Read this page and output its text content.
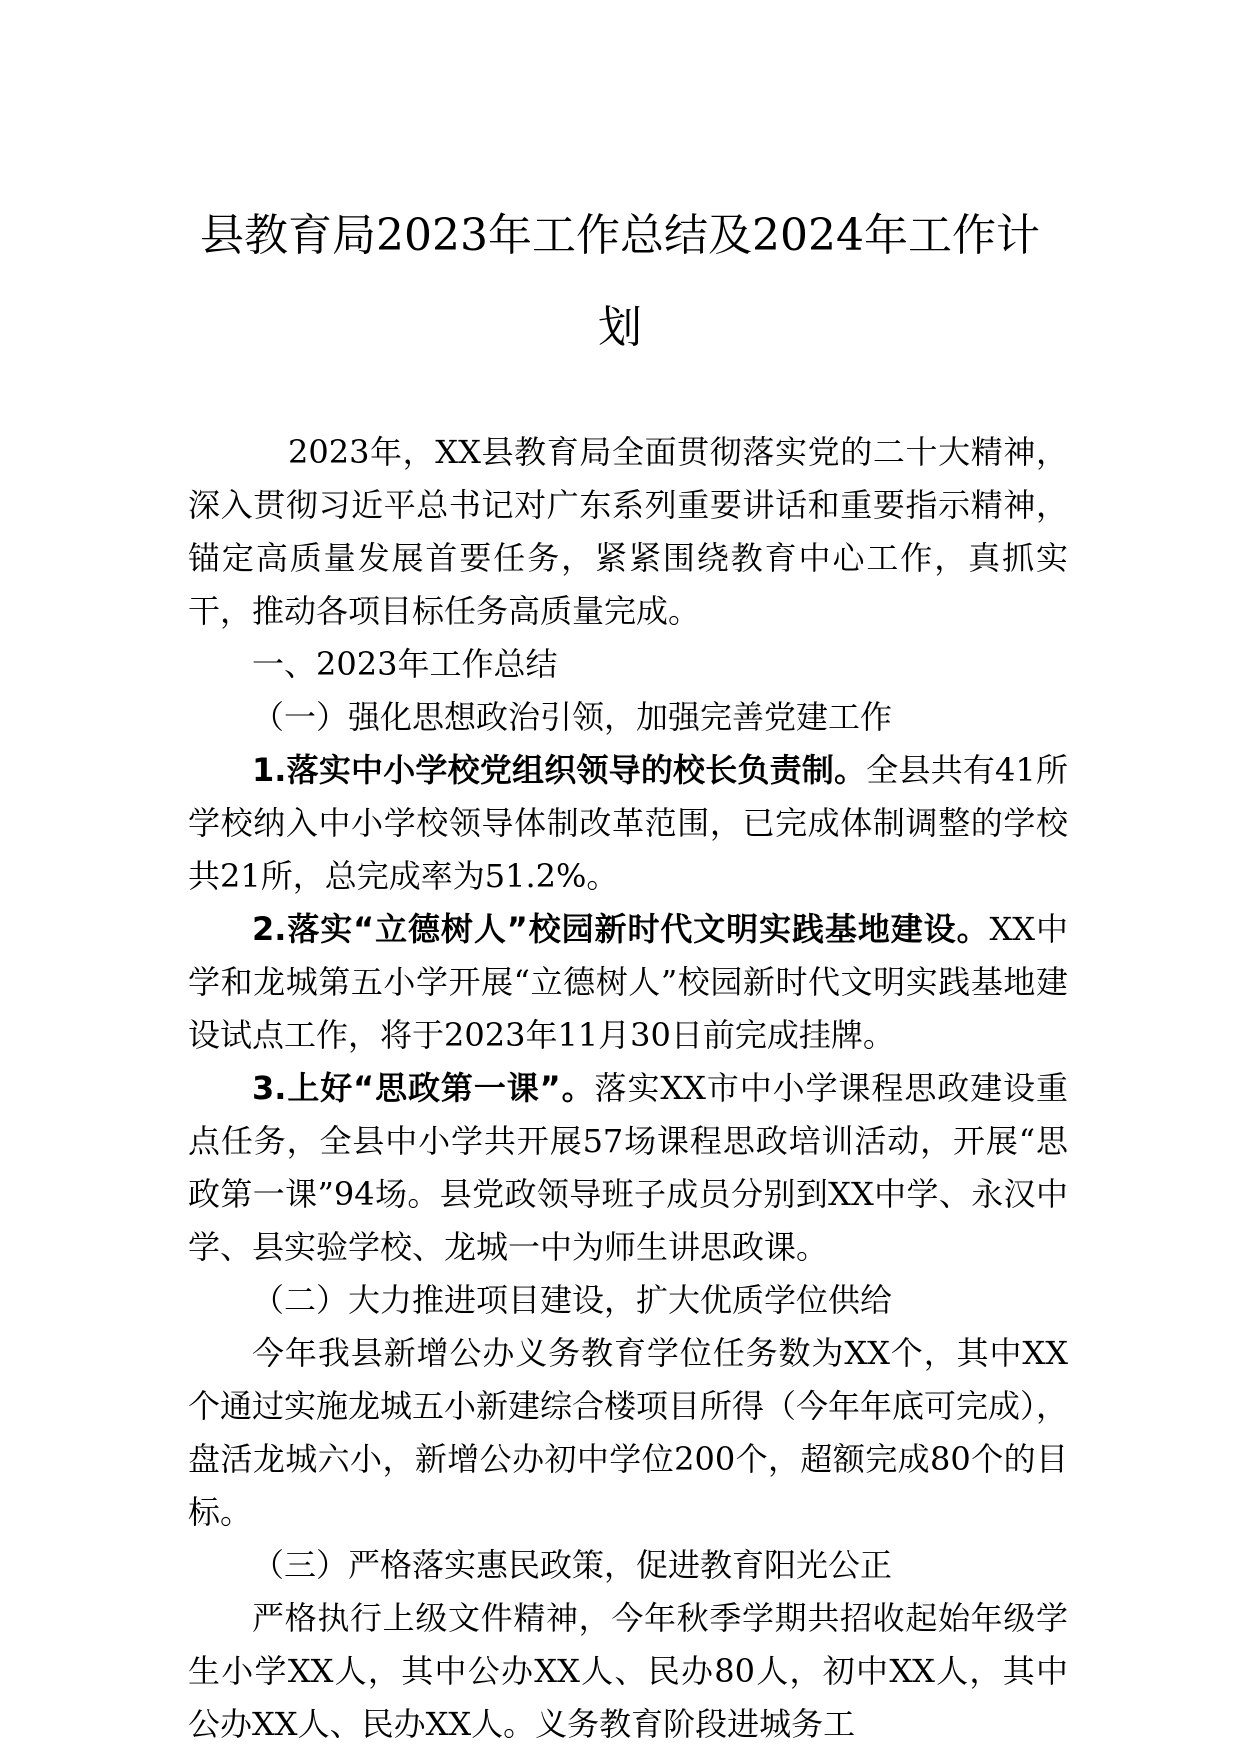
县教育局2023年工作总结及2024年工作计
划

2023年，XX县教育局全面贯彻落实党的二十大精神，深入贯彻习近平总书记对广东系列重要讲话和重要指示精神，锚定高质量发展首要任务，紧紧围绕教育中心工作，真抓实干，推动各项目标任务高质量完成。

一、2023年工作总结

（一）强化思想政治引领，加强完善党建工作

1.落实中小学校党组织领导的校长负责制。全县共有41所学校纳入中小学校领导体制改革范围，已完成体制调整的学校共21所，总完成率为51.2%。

2.落实“立德树人”校园新时代文明实践基地建设。XX中学和龙城第五小学开展“立德树人”校园新时代文明实践基地建设试点工作，将于2023年11月30日前完成挂牌。

3.上好“思政第一课”。落实XX市中小学课程思政建设重点任务，全县中小学共开展57场课程思政培训活动，开展“思政第一课”94场。县党政领导班子成员分别到XX中学、永汉中学、县实验学校、龙城一中为师生讲思政课。

（二）大力推进项目建设，扩大优质学位供给

今年我县新增公办义务教育学位任务数为XX个，其中XX个通过实施龙城五小新建综合楼项目所得（今年年底可完成），盘活龙城六小，新增公办初中学位200个，超额完成80个的目标。

（三）严格落实惠民政策，促进教育阳光公正

严格执行上级文件精神，今年秋季学期共招收起始年级学生小学XX人，其中公办XX人、民办80人，初中XX人，其中公办XX人、民办XX人。义务教育阶段进城务工
